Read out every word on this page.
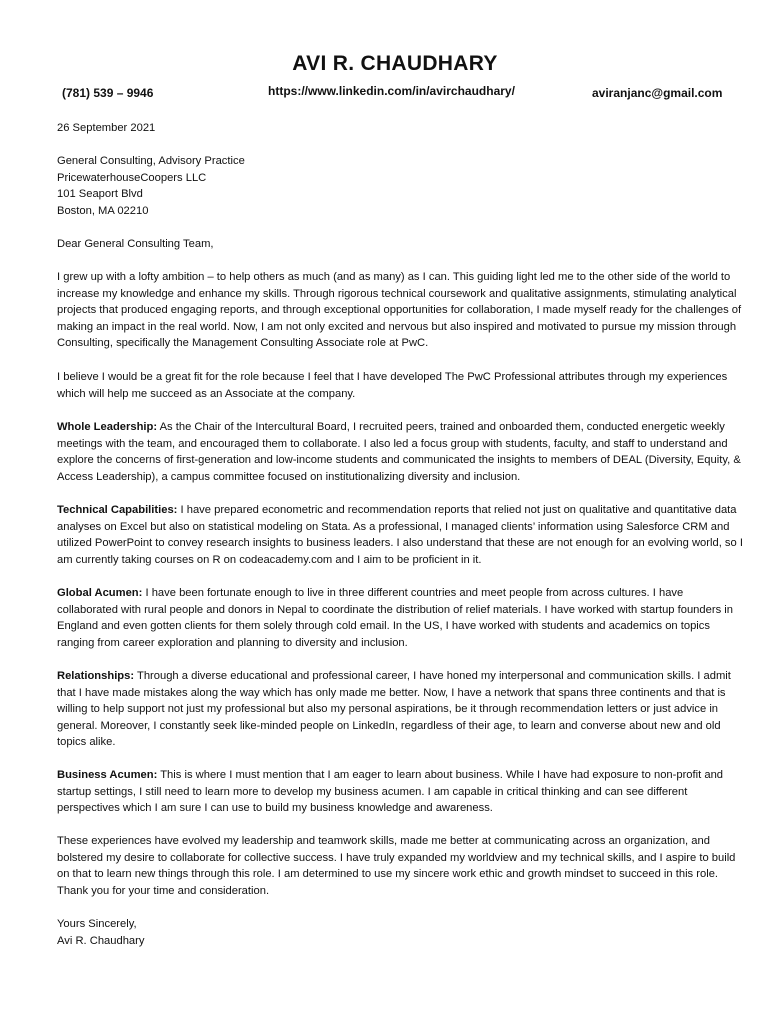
AVI R. CHAUDHARY
(781) 539 – 9946	https://www.linkedin.com/in/avirchaudhary/	aviranjanc@gmail.com

26 September 2021

General Consulting, Advisory Practice

PricewaterhouseCoopers LLC

101 Seaport Blvd

Boston, MA 02210

Dear General Consulting Team,

I grew up with a lofty ambition – to help others as much (and as many) as I can. This guiding light led me to the other side of the world to increase my knowledge and enhance my skills. Through rigorous technical coursework and qualitative assignments, stimulating analytical projects that produced engaging reports, and through exceptional opportunities for collaboration, I made myself ready for the challenges of making an impact in the real world. Now, I am not only excited and nervous but also inspired and motivated to pursue my mission through Consulting, specifically the Management Consulting Associate role at PwC.

I believe I would be a great fit for the role because I feel that I have developed The PwC Professional attributes through my experiences which will help me succeed as an Associate at the company.

Whole Leadership: As the Chair of the Intercultural Board, I recruited peers, trained and onboarded them, conducted energetic weekly meetings with the team, and encouraged them to collaborate. I also led a focus group with students, faculty, and staff to understand and explore the concerns of first-generation and low-income students and communicated the insights to members of DEAL (Diversity, Equity, & Access Leadership), a campus committee focused on institutionalizing diversity and inclusion.

Technical Capabilities: I have prepared econometric and recommendation reports that relied not just on qualitative and quantitative data analyses on Excel but also on statistical modeling on Stata. As a professional, I managed clients’ information using Salesforce CRM and utilized PowerPoint to convey research insights to business leaders. I also understand that these are not enough for an evolving world, so I am currently taking courses on R on codeacademy.com and I aim to be proficient in it.

Global Acumen: I have been fortunate enough to live in three different countries and meet people from across cultures. I have collaborated with rural people and donors in Nepal to coordinate the distribution of relief materials. I have worked with startup founders in England and even gotten clients for them solely through cold email. In the US, I have worked with students and academics on topics ranging from career exploration and planning to diversity and inclusion.

Relationships: Through a diverse educational and professional career, I have honed my interpersonal and communication skills. I admit that I have made mistakes along the way which has only made me better. Now, I have a network that spans three continents and that is willing to help support not just my professional but also my personal aspirations, be it through recommendation letters or just advice in general. Moreover, I constantly seek like-minded people on LinkedIn, regardless of their age, to learn and converse about new and old topics alike.

Business Acumen: This is where I must mention that I am eager to learn about business. While I have had exposure to non-profit and startup settings, I still need to learn more to develop my business acumen. I am capable in critical thinking and can see different perspectives which I am sure I can use to build my business knowledge and awareness.

These experiences have evolved my leadership and teamwork skills, made me better at communicating across an organization, and bolstered my desire to collaborate for collective success. I have truly expanded my worldview and my technical skills, and I aspire to build on that to learn new things through this role. I am determined to use my sincere work ethic and growth mindset to succeed in this role. Thank you for your time and consideration.

Yours Sincerely,

Avi R. Chaudhary
